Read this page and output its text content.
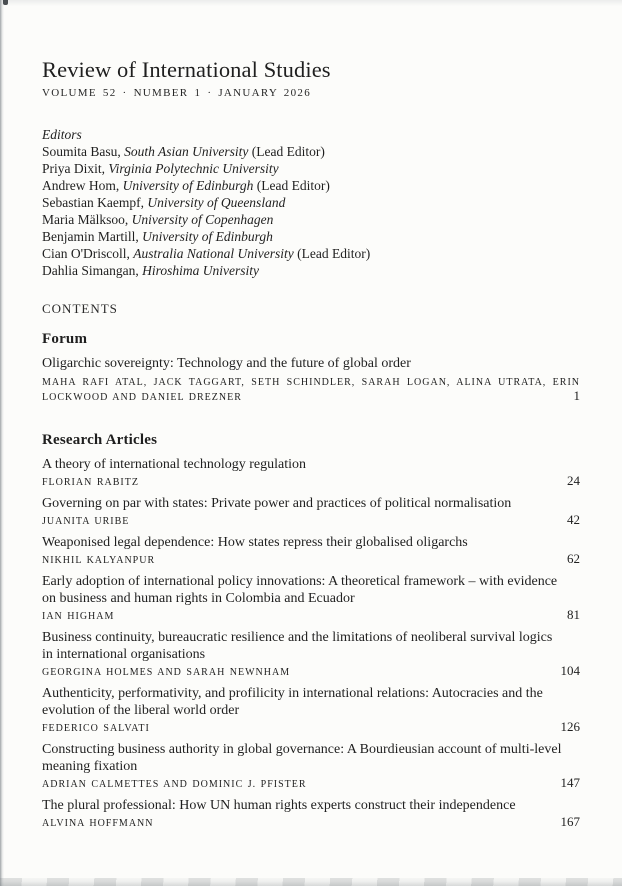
Review of International Studies
VOLUME 52 · NUMBER 1 · JANUARY 2026
Editors
Soumita Basu, South Asian University (Lead Editor)
Priya Dixit, Virginia Polytechnic University
Andrew Hom, University of Edinburgh (Lead Editor)
Sebastian Kaempf, University of Queensland
Maria Mälksoo, University of Copenhagen
Benjamin Martill, University of Edinburgh
Cian O'Driscoll, Australia National University (Lead Editor)
Dahlia Simangan, Hiroshima University
CONTENTS
Forum
Oligarchic sovereignty: Technology and the future of global order
MAHA RAFI ATAL, JACK TAGGART, SETH SCHINDLER, SARAH LOGAN, ALINA UTRATA, ERIN LOCKWOOD AND DANIEL DREZNER	1
Research Articles
A theory of international technology regulation
FLORIAN RABITZ	24
Governing on par with states: Private power and practices of political normalisation
JUANITA URIBE	42
Weaponised legal dependence: How states repress their globalised oligarchs
NIKHIL KALYANPUR	62
Early adoption of international policy innovations: A theoretical framework – with evidence on business and human rights in Colombia and Ecuador
IAN HIGHAM	81
Business continuity, bureaucratic resilience and the limitations of neoliberal survival logics in international organisations
GEORGINA HOLMES AND SARAH NEWNHAM	104
Authenticity, performativity, and profilicity in international relations: Autocracies and the evolution of the liberal world order
FEDERICO SALVATI	126
Constructing business authority in global governance: A Bourdieusian account of multi-level meaning fixation
ADRIAN CALMETTES AND DOMINIC J. PFISTER	147
The plural professional: How UN human rights experts construct their independence
ALVINA HOFFMANN	167
